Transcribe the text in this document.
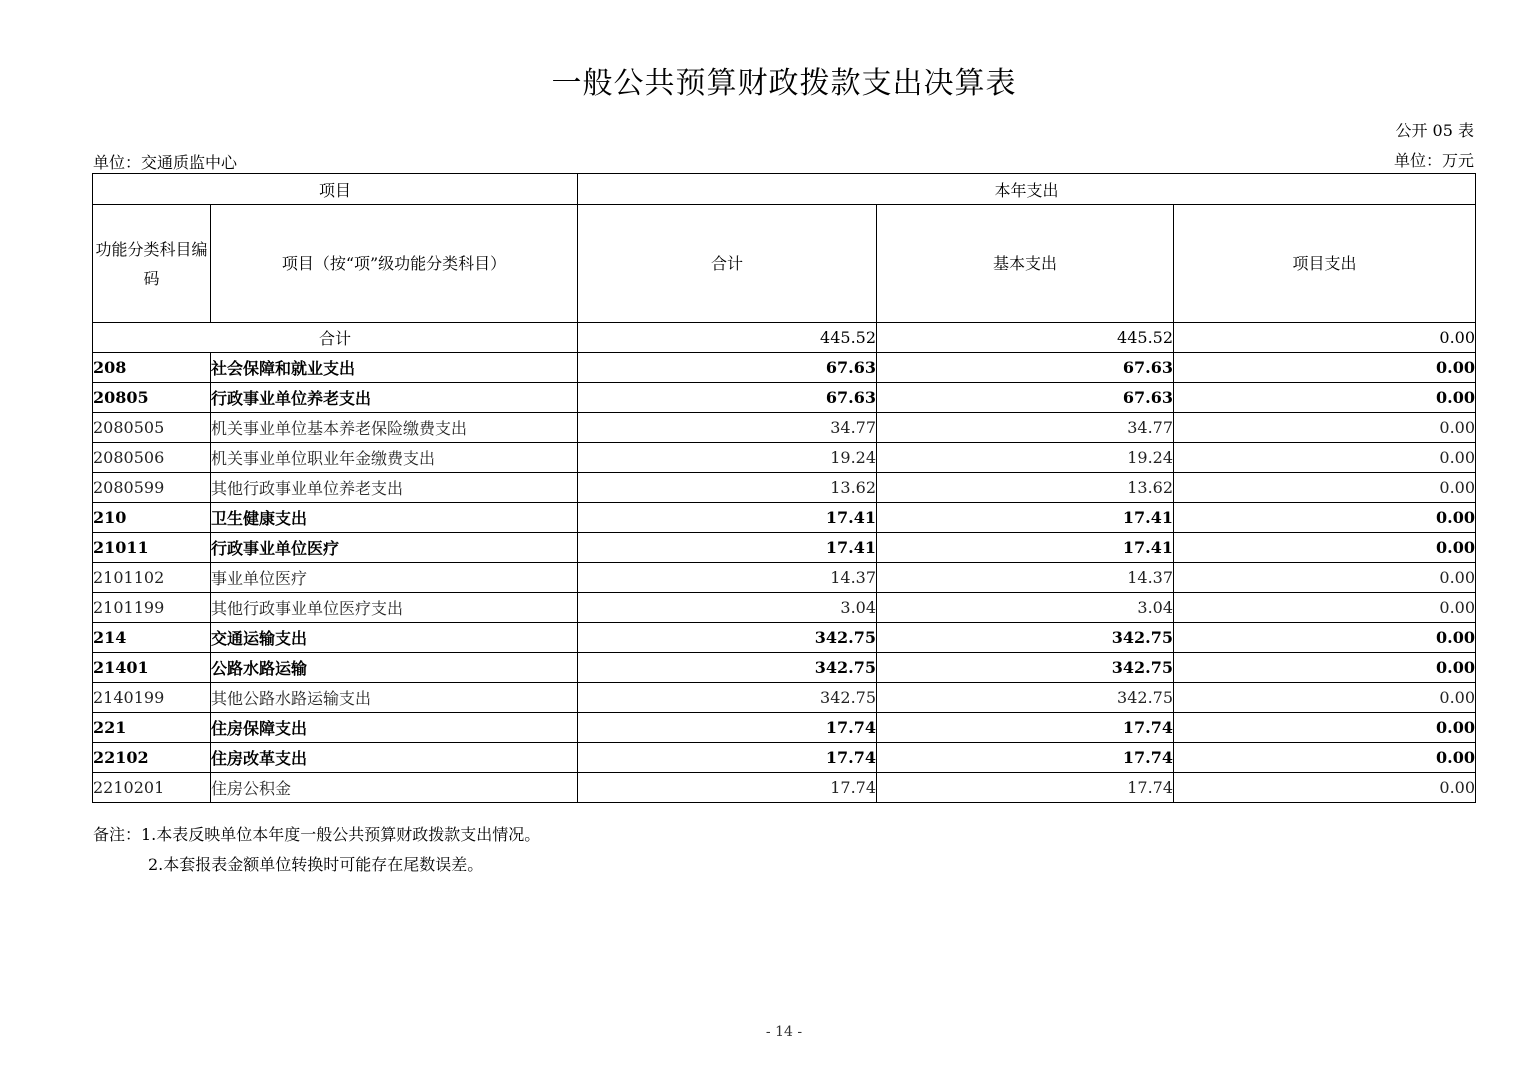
一般公共预算财政拨款支出决算表
公开 05 表
单位：交通质监中心	单位：万元
项目		本年支出		
功能分类科目编码	项目（按“项”级功能分类科目）	合计	基本支出	项目支出
合计		445.52	445.52	0.00
208	社会保障和就业支出	67.63	67.63	0.00
20805	行政事业单位养老支出	67.63	67.63	0.00
2080505	机关事业单位基本养老保险缴费支出	34.77	34.77	0.00
2080506	机关事业单位职业年金缴费支出	19.24	19.24	0.00
2080599	其他行政事业单位养老支出	13.62	13.62	0.00
210	卫生健康支出	17.41	17.41	0.00
21011	行政事业单位医疗	17.41	17.41	0.00
2101102	事业单位医疗	14.37	14.37	0.00
2101199	其他行政事业单位医疗支出	3.04	3.04	0.00
214	交通运输支出	342.75	342.75	0.00
21401	公路水路运输	342.75	342.75	0.00
2140199	其他公路水路运输支出	342.75	342.75	0.00
221	住房保障支出	17.74	17.74	0.00
22102	住房改革支出	17.74	17.74	0.00
2210201	住房公积金	17.74	17.74	0.00
备注：1.本表反映单位本年度一般公共预算财政拨款支出情况。
2.本套报表金额单位转换时可能存在尾数误差。
- 14 -
